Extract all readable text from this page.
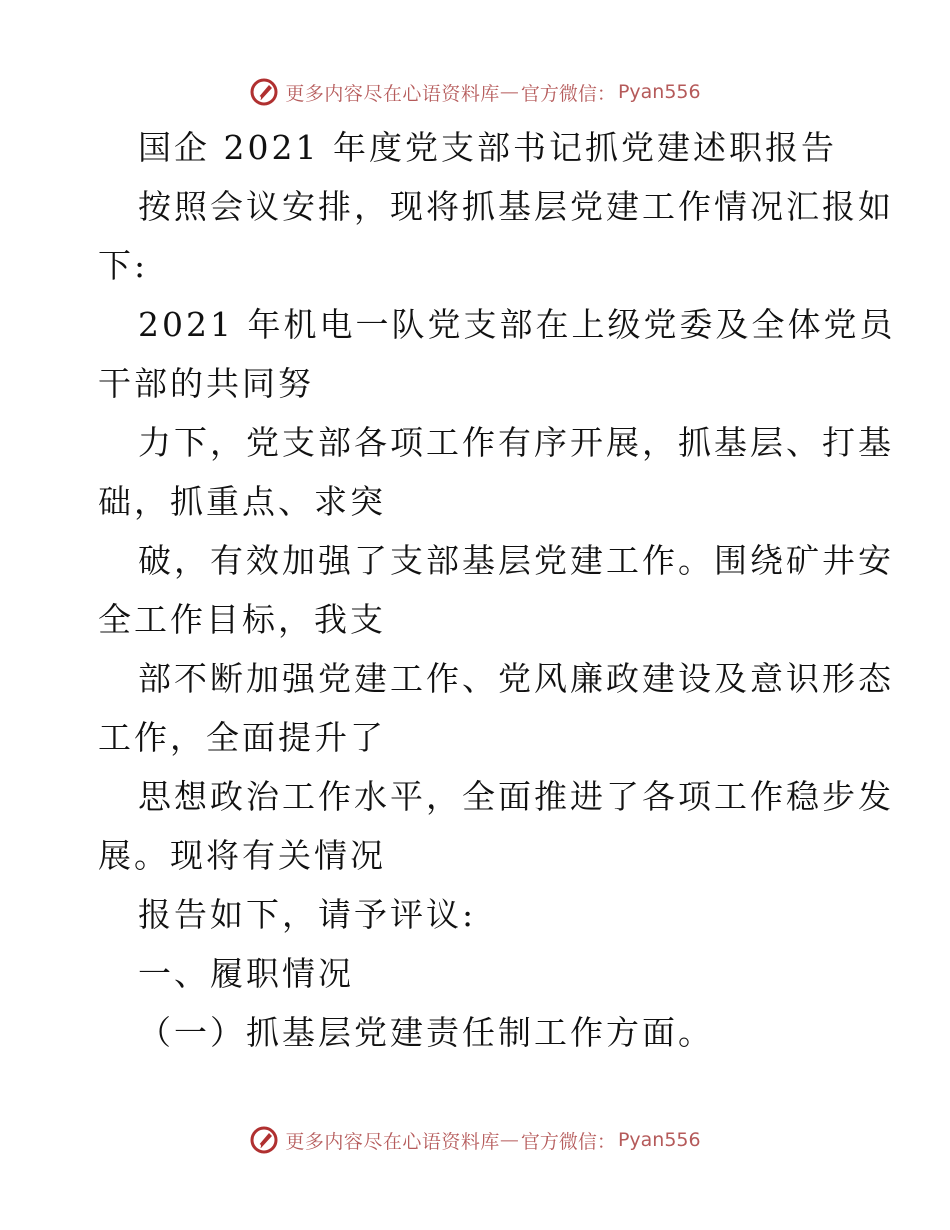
更多内容尽在心语资料库 — 官方微信： Pyan556
国企 2021 年度党支部书记抓党建述职报告
按照会议安排，现将抓基层党建工作情况汇报如
下:
2021 年机电一队党支部在上级党委及全体党员
干部的共同努
力下，党支部各项工作有序开展，抓基层、打基
础，抓重点、求突
破，有效加强了支部基层党建工作。围绕矿井安
全工作目标，我支
部不断加强党建工作、党风廉政建设及意识形态
工作，全面提升了
思想政治工作水平，全面推进了各项工作稳步发
展。现将有关情况
报告如下，请予评议:
一、履职情况
（一）抓基层党建责任制工作方面。
更多内容尽在心语资料库 — 官方微信： Pyan556
